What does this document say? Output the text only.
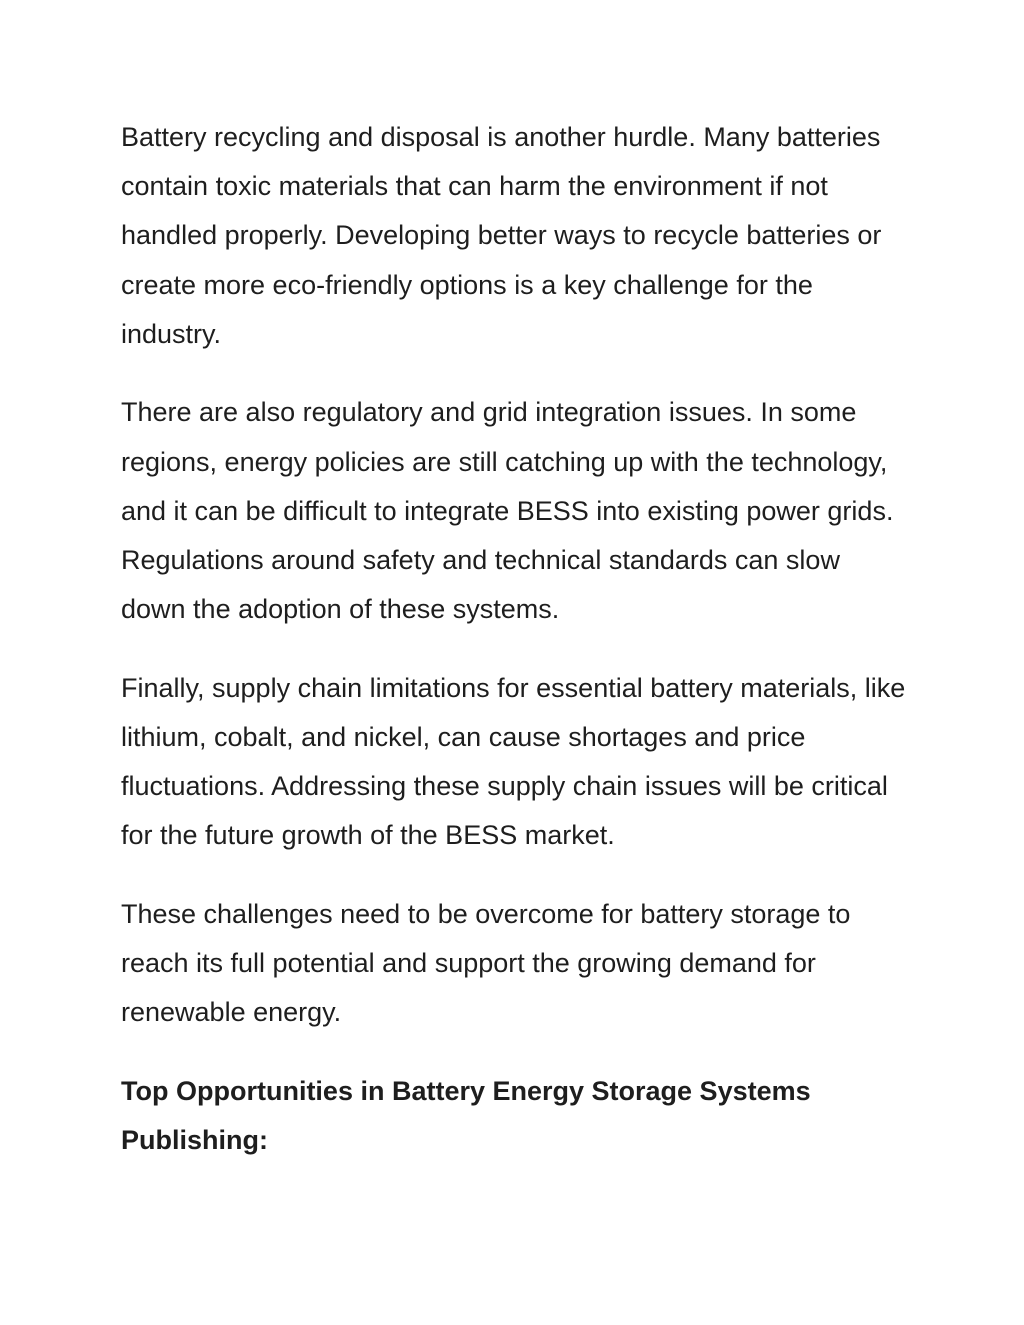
Battery recycling and disposal is another hurdle. Many batteries contain toxic materials that can harm the environment if not handled properly. Developing better ways to recycle batteries or create more eco-friendly options is a key challenge for the industry.

There are also regulatory and grid integration issues. In some regions, energy policies are still catching up with the technology, and it can be difficult to integrate BESS into existing power grids. Regulations around safety and technical standards can slow down the adoption of these systems.

Finally, supply chain limitations for essential battery materials, like lithium, cobalt, and nickel, can cause shortages and price fluctuations. Addressing these supply chain issues will be critical for the future growth of the BESS market.

These challenges need to be overcome for battery storage to reach its full potential and support the growing demand for renewable energy.

Top Opportunities in Battery Energy Storage Systems Publishing:
